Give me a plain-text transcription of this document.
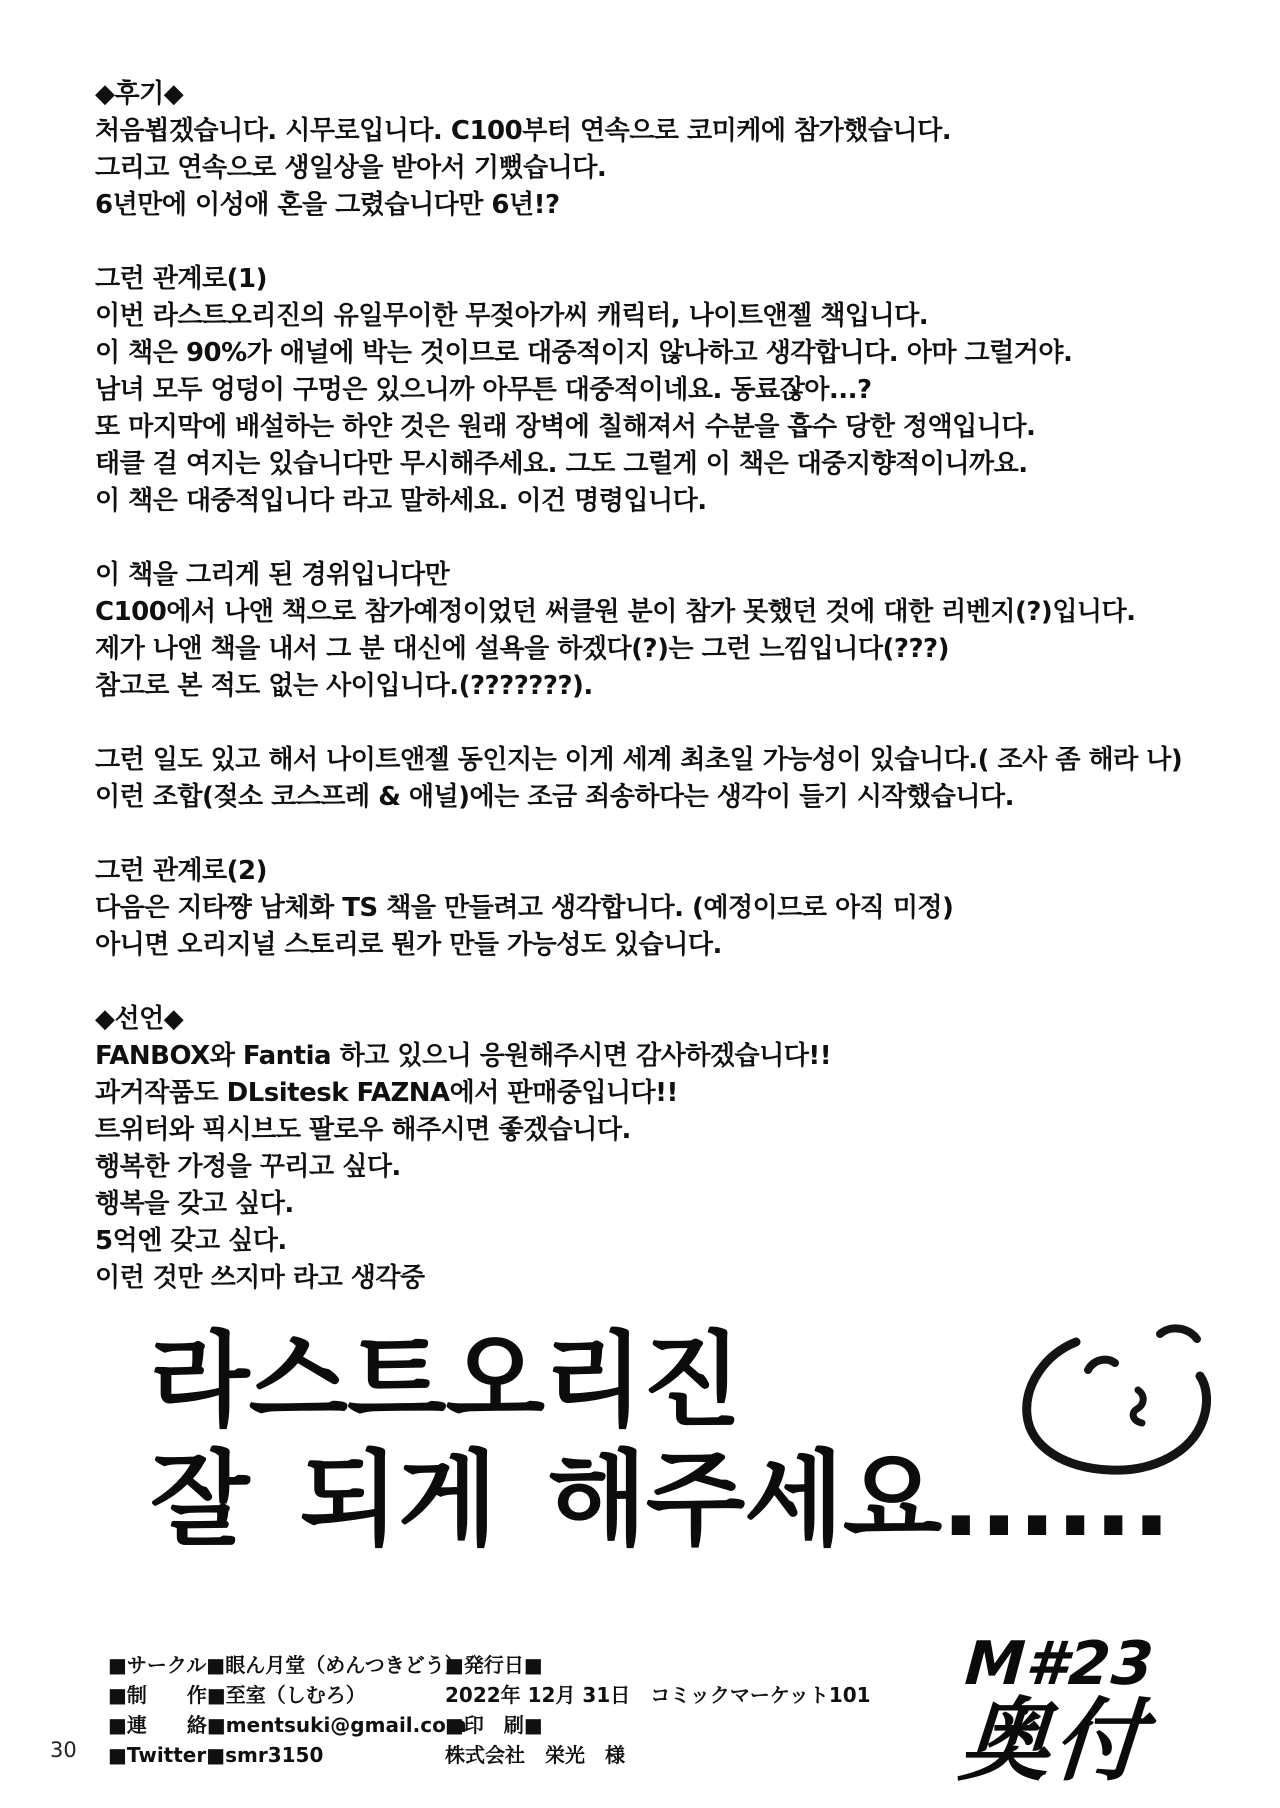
◆후기◆
처음뵙겠습니다. 시무로입니다. C100부터 연속으로 코미케에 참가했습니다.
그리고 연속으로 생일상을 받아서 기뻤습니다.
6년만에 이성애 혼을 그렸습니다만 6년!?
그런 관계로(1)
이번 라스트오리진의 유일무이한 무젖아가씨 캐릭터, 나이트앤젤 책입니다.
이 책은 90%가 애널에 박는 것이므로 대중적이지 않나하고 생각합니다. 아마 그럴거야.
남녀 모두 엉덩이 구멍은 있으니까 아무튼 대중적이네요. 동료잖아...?
또 마지막에 배설하는 하얀 것은 원래 장벽에 칠해져서 수분을 흡수 당한 정액입니다.
태클 걸 여지는 있습니다만 무시해주세요. 그도 그럴게 이 책은 대중지향적이니까요.
이 책은 대중적입니다 라고 말하세요. 이건 명령입니다.
이 책을 그리게 된 경위입니다만
C100에서 나앤 책으로 참가예정이었던 써클원 분이 참가 못했던 것에 대한 리벤지(?)입니다.
제가 나앤 책을 내서 그 분 대신에 설욕을 하겠다(?)는 그런 느낌입니다(???)
참고로 본 적도 없는 사이입니다.(???????).
그런 일도 있고 해서 나이트앤젤 동인지는 이게 세계 최초일 가능성이 있습니다.( 조사 좀 해라 나)
이런 조합(젖소 코스프레 & 애널)에는 조금 죄송하다는 생각이 들기 시작했습니다.
그런 관계로(2)
다음은 지타쨩 남체화 TS 책을 만들려고 생각합니다. (예정이므로 아직 미정)
아니면 오리지널 스토리로 뭔가 만들 가능성도 있습니다.
◆선언◆
FANBOX와 Fantia 하고 있으니 응원해주시면 감사하겠습니다!!
과거작품도 DLsitesk FAZNA에서 판매중입니다!!
트위터와 픽시브도 팔로우 해주시면 좋겠습니다.
행복한 가정을 꾸리고 싶다.
행복을 갖고 싶다.
5억엔 갖고 싶다.
이런 것만 쓰지마 라고 생각중
라스트오리진
잘 되게 해주세요......
■サークル■眼ん月堂（めんつきどう）
■制　　作■至室（しむろ）
■連　　絡■mentsuki@gmail.com
■Twitter■smr3150
■発行日■
2022年 12月 31日　コミックマーケット101
■印　刷■
株式会社　栄光　様
30
M#23
奥付
